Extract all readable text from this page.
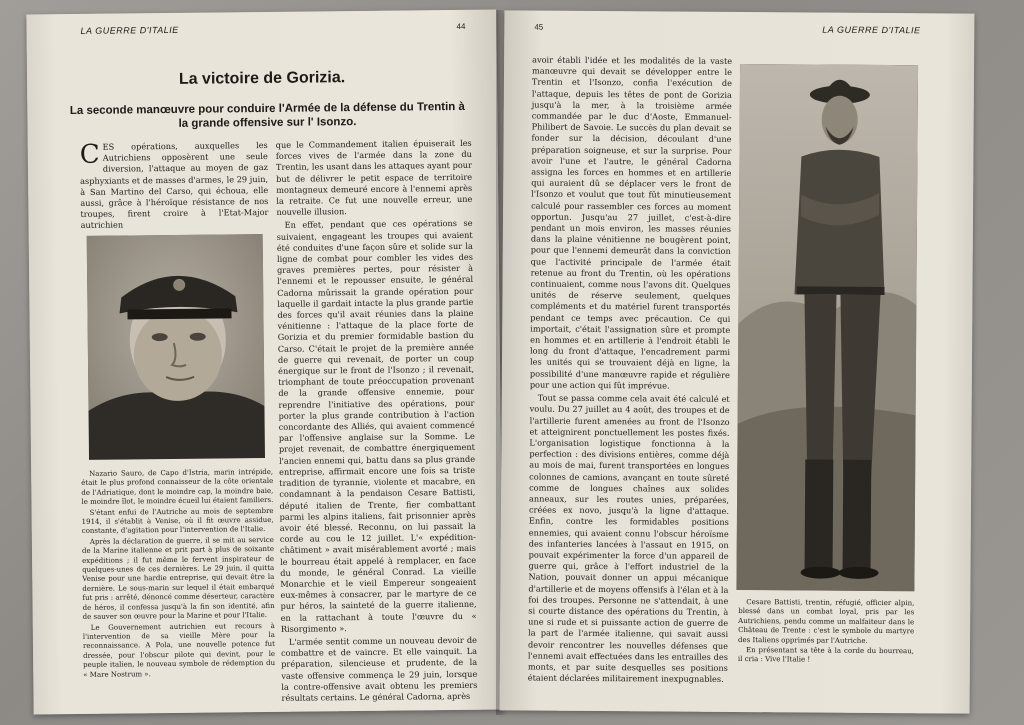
LA GUERRE D'ITALIE	44
La victoire de Gorizia.
La seconde manœuvre pour conduire l'Armée de la défense du Trentin à la grande offensive sur l' Isonzo.

CES opérations, auxquelles les Autrichiens opposèrent une seule diversion, l'attaque au moyen de gaz asphyxiants et de masses d'armes, le 29 juin, à San Martino del Carso, qui échoua, elle aussi, grâce à l'héroïque résistance de nos troupes, firent croire à l'Etat-Major autrichien

Nazario Sauro, de Capo d'Istria, marin intrépide, était le plus profond connaisseur de la côte orientale de l'Adriatique, dont le moindre cap, la moindre baie, le moindre îlot, le moindre écueil lui étaient familiers.

S'étant enfui de l'Autriche au mois de septembre 1914, il s'établit à Venise, où il fit œuvre assidue, constante, d'agitation pour l'intervention de l'Italie.

Après la déclaration de guerre, il se mit au service de la Marine italienne et prit part à plus de soixante expéditions ; il fut même le fervent inspirateur de quelques-unes de ces dernières. Le 29 juin, il quitta Venise pour une hardie entreprise, qui devait être la dernière. Le sous-marin sur lequel il était embarqué fut pris : arrêté, dénoncé comme déserteur, caractère de héros, il confessa jusqu'à la fin son identité, afin de sauver son œuvre pour la Marine et pour l'Italie.

Le Gouvernement autrichien eut recours à l'intervention de sa vieille Mère pour la reconnaissance. A Pola, une nouvelle potence fut dressée, pour l'obscur pilote qui devint, pour le peuple italien, le nouveau symbole de rédemption du « Mare Nostrum ».

que le Commandement italien épuiserait les forces vives de l'armée dans la zone du Trentin, les usant dans les attaques ayant pour but de délivrer le petit espace de territoire montagneux demeuré encore à l'ennemi après la retraite. Ce fut une nouvelle erreur, une nouvelle illusion.

En effet, pendant que ces opérations se suivaient, engageant les troupes qui avaient été conduites d'une façon sûre et solide sur la ligne de combat pour combler les vides des graves premières pertes, pour résister à l'ennemi et le repousser ensuite, le général Cadorna mûrissait la grande opération pour laquelle il gardait intacte la plus grande partie des forces qu'il avait réunies dans la plaine vénitienne : l'attaque de la place forte de Gorizia et du premier formidable bastion du Carso. C'était le projet de la première année de guerre qui revenait, de porter un coup énergique sur le front de l'Isonzo ; il revenait, triomphant de toute préoccupation provenant de la grande offensive ennemie, pour reprendre l'initiative des opérations, pour porter la plus grande contribution à l'action concordante des Alliés, qui avaient commencé par l'offensive anglaise sur la Somme. Le projet revenait, de combattre énergiquement l'ancien ennemi qui, battu dans sa plus grande entreprise, affirmait encore une fois sa triste tradition de tyrannie, violente et macabre, en condamnant à la pendaison Cesare Battisti, député italien de Trente, fier combattant parmi les alpins italiens, fait prisonnier après avoir été blessé. Reconnu, on lui passait la corde au cou le 12 juillet. L'« expédition-châtiment » avait misérablement avorté ; mais le bourreau était appelé à remplacer, en face du monde, le général Conrad. La vieille Monarchie et le vieil Empereur songeaient eux-mêmes à consacrer, par le martyre de ce pur héros, la sainteté de la guerre italienne, en la rattachant à toute l'œuvre du « Risorgimento ».

L'armée sentit comme un nouveau devoir de combattre et de vaincre. Et elle vainquit. La préparation, silencieuse et prudente, de la vaste offensive commença le 29 juin, lorsque la contre-offensive avait obtenu les premiers résultats certains. Le général Cadorna, après

45	LA GUERRE D'ITALIE

avoir établi l'idée et les modalités de la vaste manœuvre qui devait se développer entre le Trentin et l'Isonzo, confia l'exécution de l'attaque, depuis les têtes de pont de Gorizia jusqu'à la mer, à la troisième armée commandée par le duc d'Aoste, Emmanuel-Philibert de Savoie. Le succès du plan devait se fonder sur la décision, découlant d'une préparation soigneuse, et sur la surprise. Pour avoir l'une et l'autre, le général Cadorna assigna les forces en hommes et en artillerie qui auraient dû se déplacer vers le front de l'Isonzo et voulut que tout fût minutieusement calculé pour rassembler ces forces au moment opportun. Jusqu'au 27 juillet, c'est-à-dire pendant un mois environ, les masses réunies dans la plaine vénitienne ne bougèrent point, pour que l'ennemi demeurât dans la conviction que l'activité principale de l'armée était retenue au front du Trentin, où les opérations continuaient, comme nous l'avons dit. Quelques unités de réserve seulement, quelques compléments et du matériel furent transportés pendant ce temps avec précaution. Ce qui importait, c'était l'assignation sûre et prompte en hommes et en artillerie à l'endroit établi le long du front d'attaque, l'encadrement parmi les unités qui se trouvaient déjà en ligne, la possibilité d'une manœuvre rapide et régulière pour une action qui fût imprévue.

Tout se passa comme cela avait été calculé et voulu. Du 27 juillet au 4 août, des troupes et de l'artillerie furent amenées au front de l'Isonzo et atteignirent ponctuellement les postes fixés. L'organisation logistique fonctionna à la perfection : des divisions entières, comme déjà au mois de mai, furent transportées en longues colonnes de camions, avançant en toute sûreté comme de longues chaînes aux solides anneaux, sur les routes unies, préparées, créées ex novo, jusqu'à la ligne d'attaque. Enfin, contre les formidables positions ennemies, qui avaient connu l'obscur héroïsme des infanteries lancées à l'assaut en 1915, on pouvait expérimenter la force d'un appareil de guerre qui, grâce à l'effort industriel de la Nation, pouvait donner un appui mécanique d'artillerie et de moyens offensifs à l'élan et à la foi des troupes. Personne ne s'attendait, à une si courte distance des opérations du Trentin, à une si rude et si puissante action de guerre de la part de l'armée italienne, qui savait aussi devoir rencontrer les nouvelles défenses que l'ennemi avait effectuées dans les entrailles des monts, et par suite desquelles ses positions étaient déclarées militairement inexpugnables.

Cesare Battisti, trentin, réfugié, officier alpin, blessé dans un combat loyal, pris par les Autrichiens, pendu comme un malfaiteur dans le Château de Trente : c'est le symbole du martyre des Italiens opprimés par l'Autriche.

En présentant sa tête à la corde du bourreau, il cria : Vive l'Italie !
